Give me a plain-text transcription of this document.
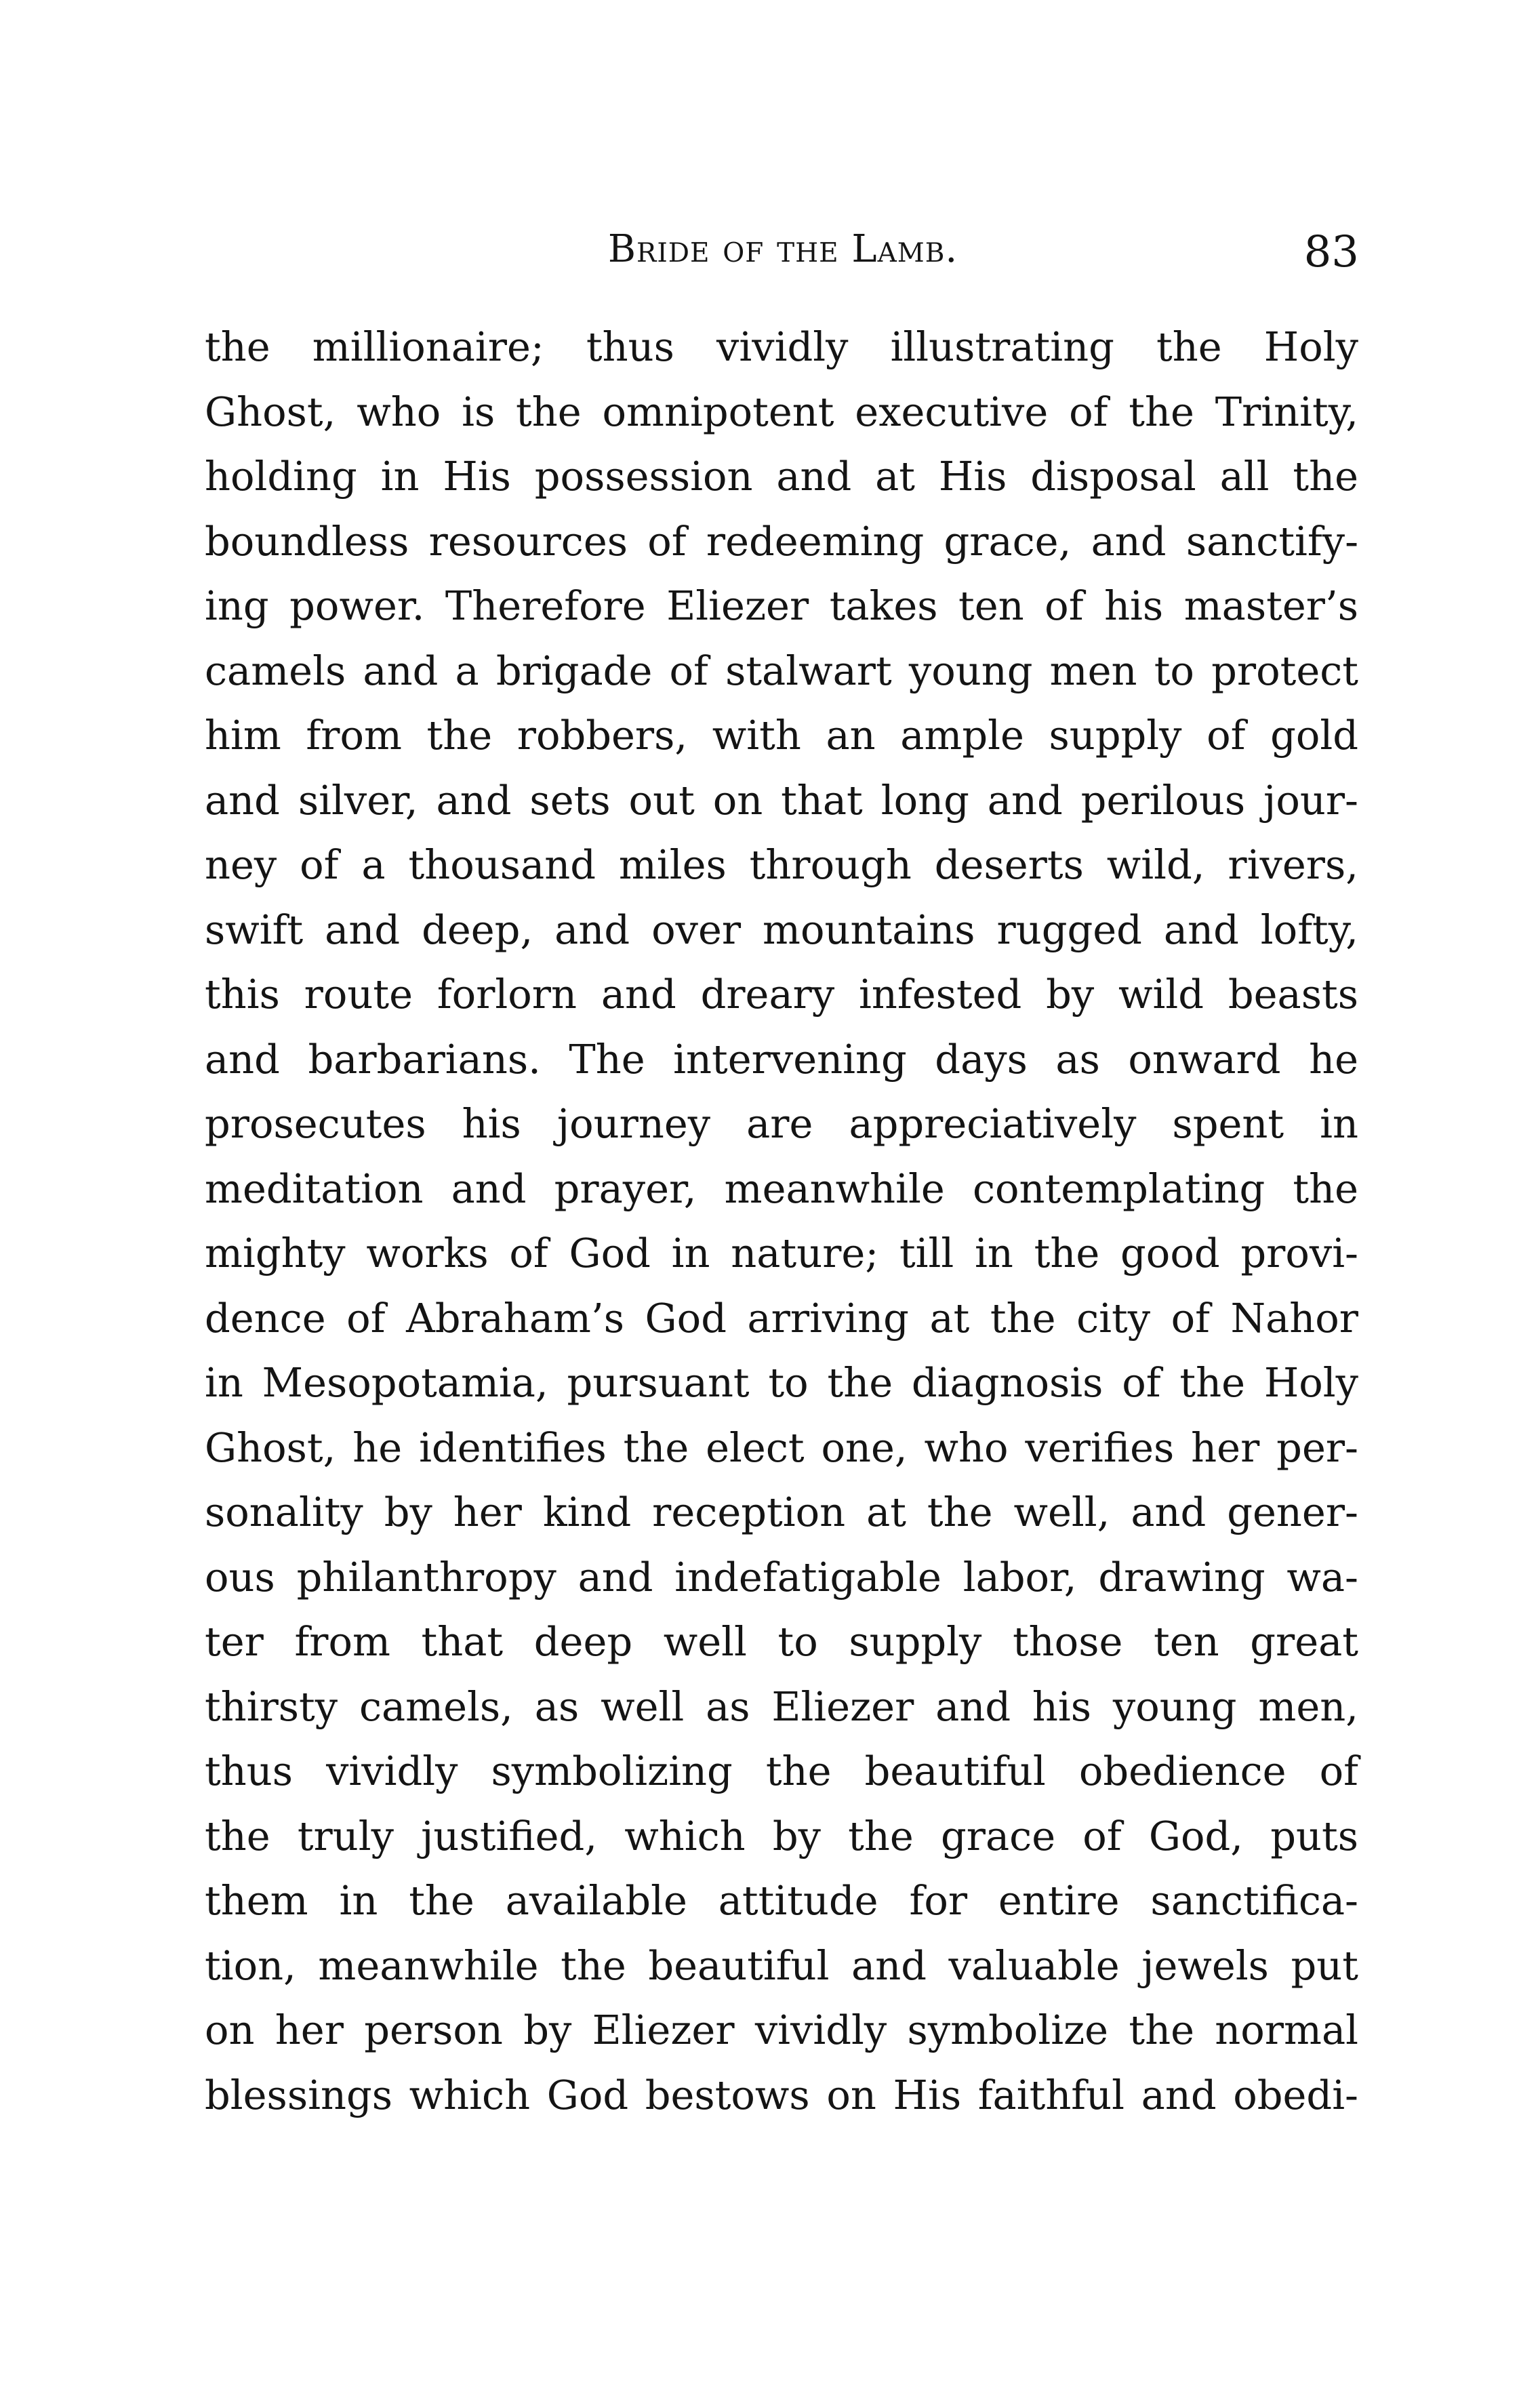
Bride of the Lamb.	83
the millionaire; thus vividly illustrating the Holy
Ghost, who is the omnipotent executive of the Trinity,
holding in His possession and at His disposal all the
boundless resources of redeeming grace, and sanctify-
ing power. Therefore Eliezer takes ten of his master’s
camels and a brigade of stalwart young men to protect
him from the robbers, with an ample supply of gold
and silver, and sets out on that long and perilous jour-
ney of a thousand miles through deserts wild, rivers,
swift and deep, and over mountains rugged and lofty,
this route forlorn and dreary infested by wild beasts
and barbarians. The intervening days as onward he
prosecutes his journey are appreciatively spent in
meditation and prayer, meanwhile contemplating the
mighty works of God in nature; till in the good provi-
dence of Abraham’s God arriving at the city of Nahor
in Mesopotamia, pursuant to the diagnosis of the Holy
Ghost, he identifies the elect one, who verifies her per-
sonality by her kind reception at the well, and gener-
ous philanthropy and indefatigable labor, drawing wa-
ter from that deep well to supply those ten great
thirsty camels, as well as Eliezer and his young men,
thus vividly symbolizing the beautiful obedience of
the truly justified, which by the grace of God, puts
them in the available attitude for entire sanctifica-
tion, meanwhile the beautiful and valuable jewels put
on her person by Eliezer vividly symbolize the normal
blessings which God bestows on His faithful and obedi-
